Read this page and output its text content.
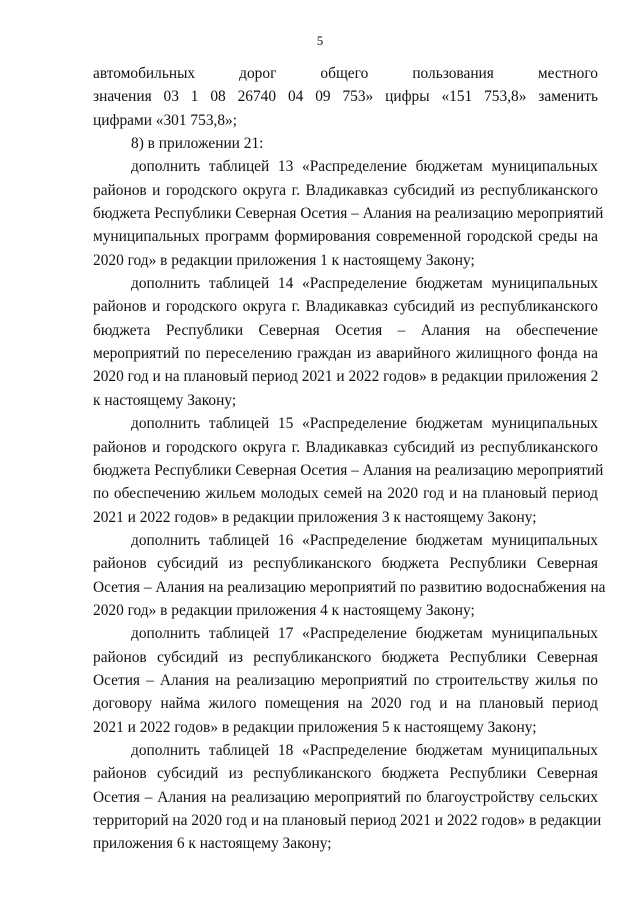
5
автомобильных дорог общего пользования местного
значения 03 1 08 26740 04 09 753» цифры «151 753,8» заменить
цифрами «301 753,8»;
8) в приложении 21:
дополнить таблицей 13 «Распределение бюджетам муниципальных
районов и городского округа г. Владикавказ субсидий из республиканского
бюджета Республики Северная Осетия – Алания на реализацию мероприятий
муниципальных программ формирования современной городской среды на
2020 год» в редакции приложения 1 к настоящему Закону;
дополнить таблицей 14 «Распределение бюджетам муниципальных
районов и городского округа г. Владикавказ субсидий из республиканского
бюджета Республики Северная Осетия – Алания на обеспечение
мероприятий по переселению граждан из аварийного жилищного фонда на
2020 год и на плановый период 2021 и 2022 годов» в редакции приложения 2
к настоящему Закону;
дополнить таблицей 15 «Распределение бюджетам муниципальных
районов и городского округа г. Владикавказ субсидий из республиканского
бюджета Республики Северная Осетия – Алания на реализацию мероприятий
по обеспечению жильем молодых семей на 2020 год и на плановый период
2021 и 2022 годов» в редакции приложения 3 к настоящему Закону;
дополнить таблицей 16 «Распределение бюджетам муниципальных
районов субсидий из республиканского бюджета Республики Северная
Осетия – Алания на реализацию мероприятий по развитию водоснабжения на
2020 год» в редакции приложения 4 к настоящему Закону;
дополнить таблицей 17 «Распределение бюджетам муниципальных
районов субсидий из республиканского бюджета Республики Северная
Осетия – Алания на реализацию мероприятий по строительству жилья по
договору найма жилого помещения на 2020 год и на плановый период
2021 и 2022 годов» в редакции приложения 5 к настоящему Закону;
дополнить таблицей 18 «Распределение бюджетам муниципальных
районов субсидий из республиканского бюджета Республики Северная
Осетия – Алания на реализацию мероприятий по благоустройству сельских
территорий на 2020 год и на плановый период 2021 и 2022 годов» в редакции
приложения 6 к настоящему Закону;
